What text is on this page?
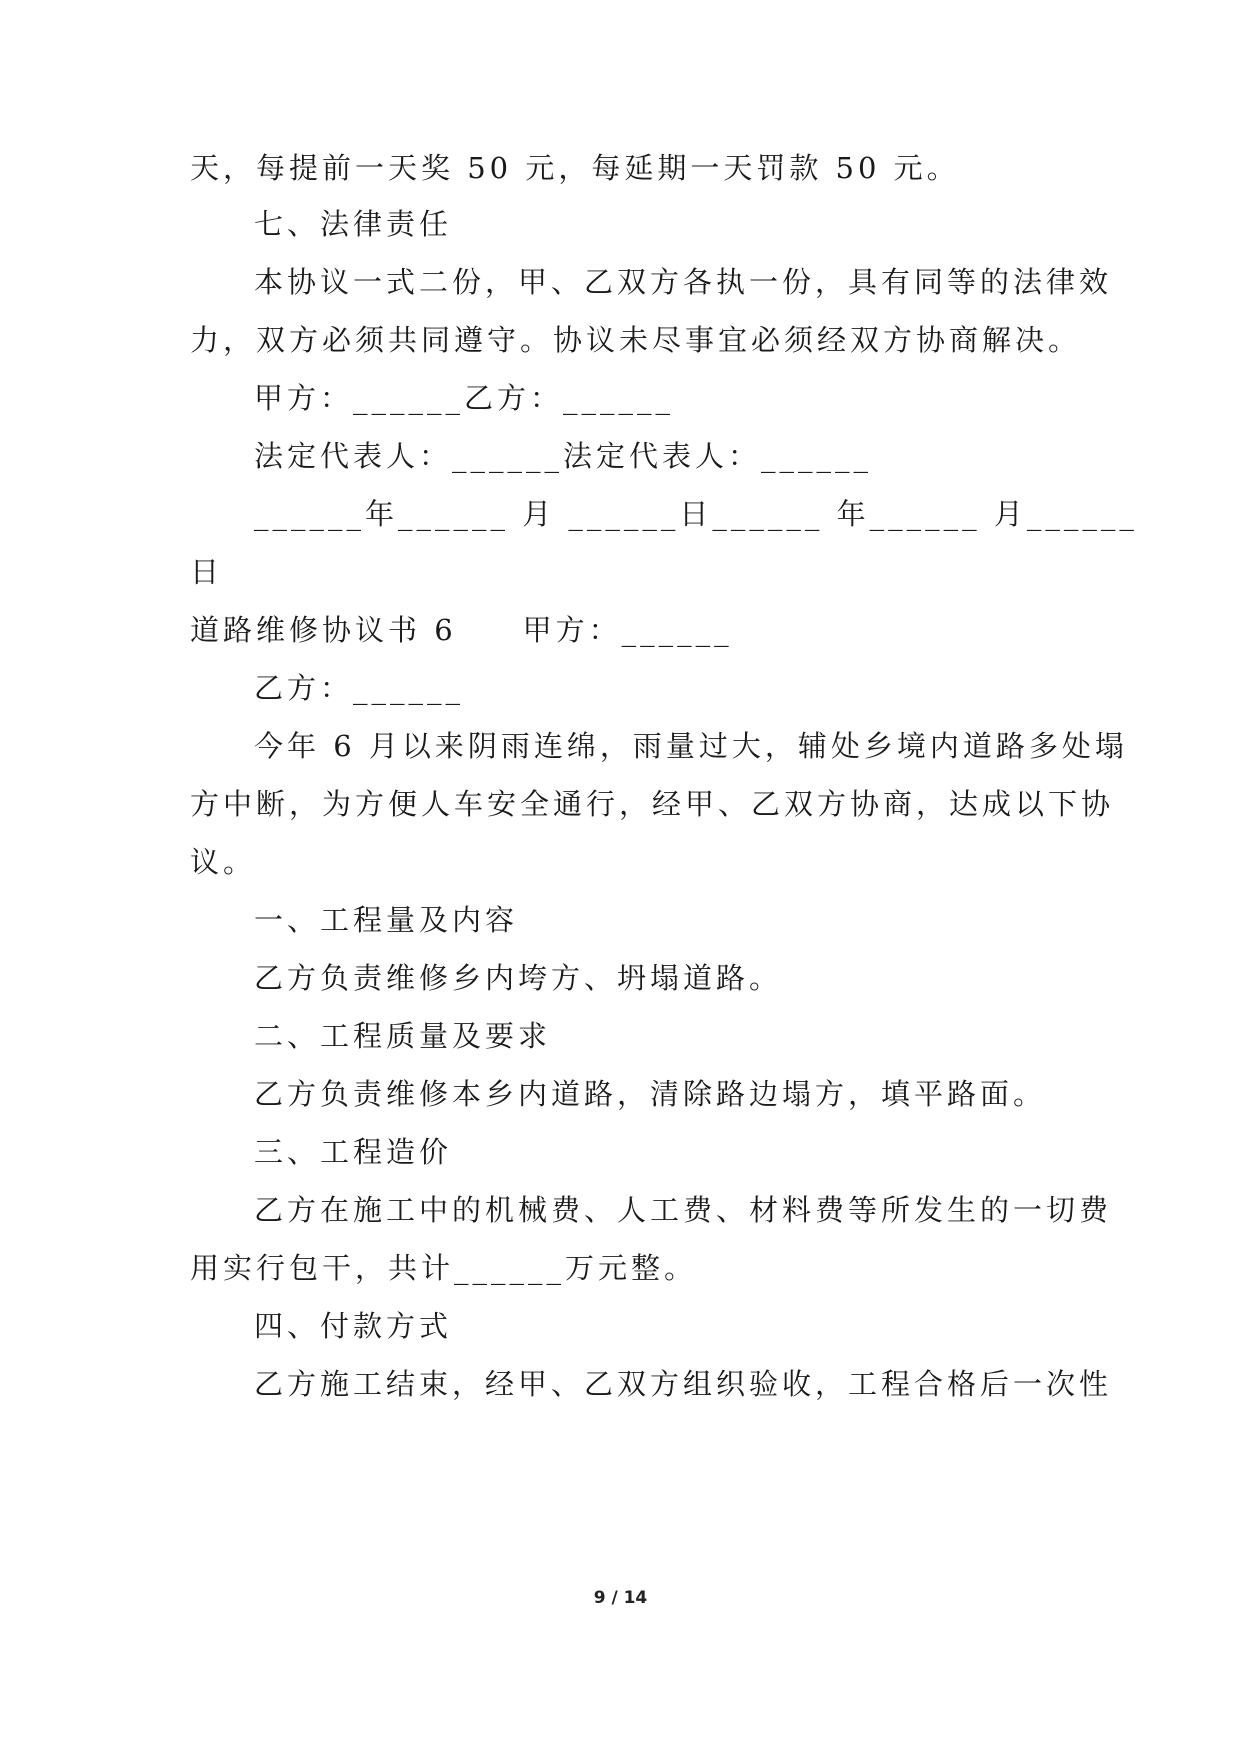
天，每提前一天奖 50 元，每延期一天罚款 50 元。
七、法律责任
本协议一式二份，甲、乙双方各执一份，具有同等的法律效
力，双方必须共同遵守。协议未尽事宜必须经双方协商解决。
甲方：______乙方：______
法定代表人：______法定代表人：______
______年______ 月 ______日______ 年______ 月______
日
道路维修协议书 6　　甲方：______
乙方：______
今年 6 月以来阴雨连绵，雨量过大，辅处乡境内道路多处塌
方中断，为方便人车安全通行，经甲、乙双方协商，达成以下协
议。
一、工程量及内容
乙方负责维修乡内垮方、坍塌道路。
二、工程质量及要求
乙方负责维修本乡内道路，清除路边塌方，填平路面。
三、工程造价
乙方在施工中的机械费、人工费、材料费等所发生的一切费
用实行包干，共计______万元整。
四、付款方式
乙方施工结束，经甲、乙双方组织验收，工程合格后一次性
9 / 14
